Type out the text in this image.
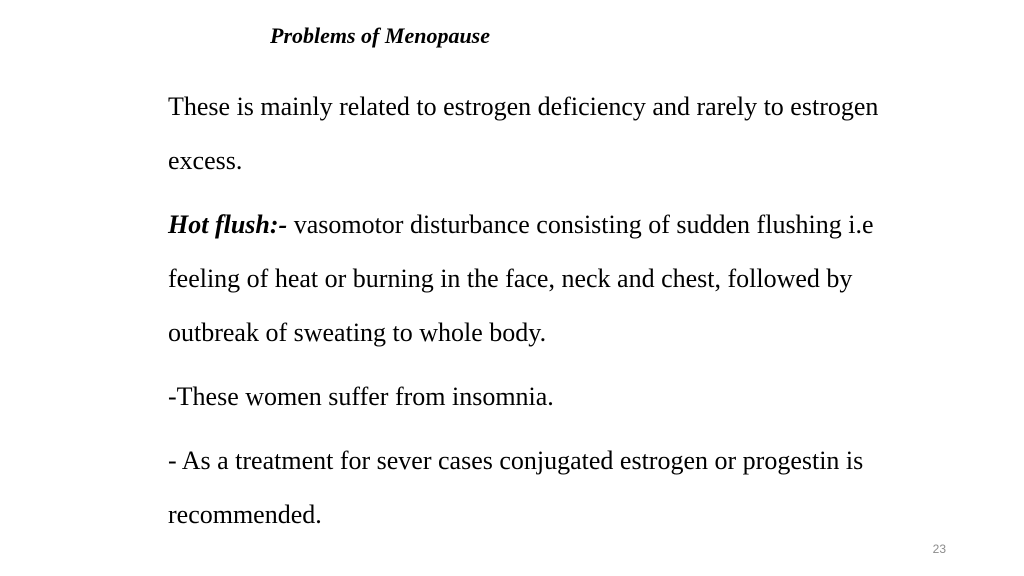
Problems of Menopause

These is mainly related to estrogen deficiency and rarely to estrogen excess.

Hot flush:- vasomotor disturbance consisting of sudden flushing i.e feeling of heat or burning in the face, neck and chest, followed by outbreak of sweating to whole body.

-These women suffer from insomnia.

- As a treatment for sever cases conjugated estrogen or progestin is recommended.

23
